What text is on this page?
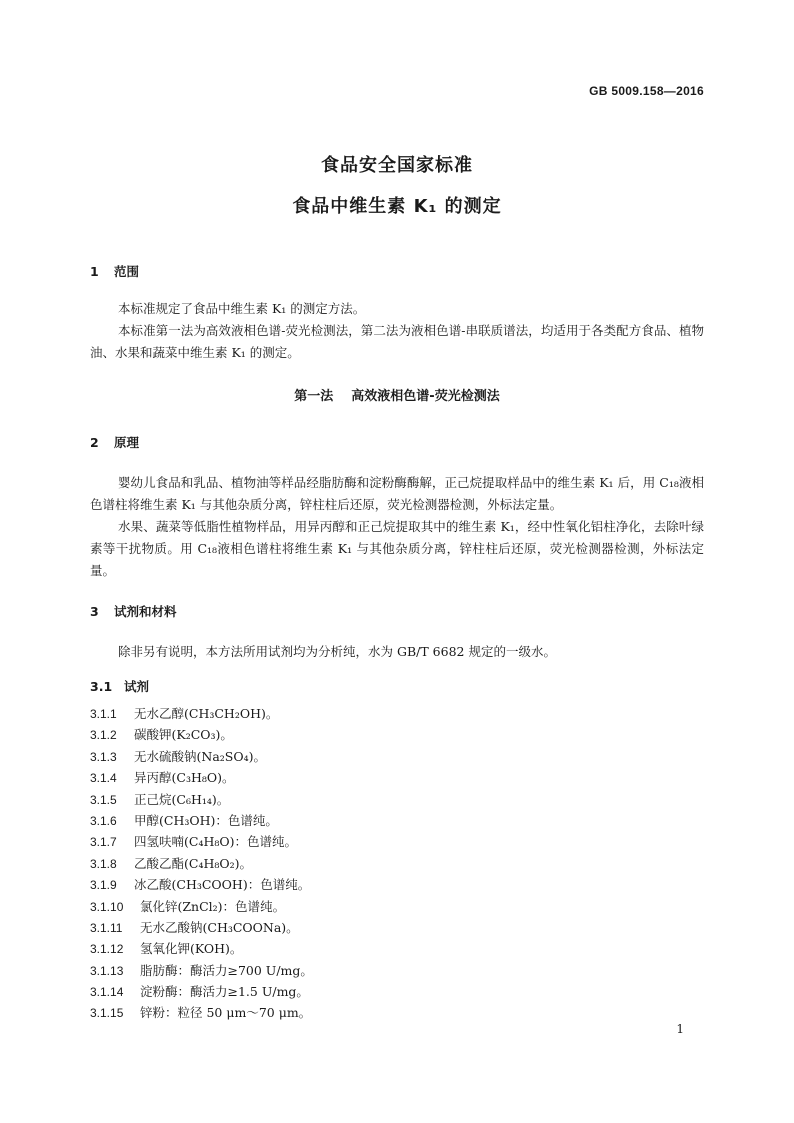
GB 5009.158—2016
食品安全国家标准
食品中维生素 K₁ 的测定
1 范围

本标准规定了食品中维生素 K₁ 的测定方法。

本标准第一法为高效液相色谱-荧光检测法，第二法为液相色谱-串联质谱法，均适用于各类配方食品、植物油、水果和蔬菜中维生素 K₁ 的测定。

第一法 高效液相色谱-荧光检测法
2 原理

婴幼儿食品和乳品、植物油等样品经脂肪酶和淀粉酶酶解，正己烷提取样品中的维生素 K₁ 后，用 C₁₈液相色谱柱将维生素 K₁ 与其他杂质分离，锌柱柱后还原，荧光检测器检测，外标法定量。

水果、蔬菜等低脂性植物样品，用异丙醇和正己烷提取其中的维生素 K₁，经中性氧化铝柱净化，去除叶绿素等干扰物质。用 C₁₈液相色谱柱将维生素 K₁ 与其他杂质分离，锌柱柱后还原，荧光检测器检测，外标法定量。

3 试剂和材料

除非另有说明，本方法所用试剂均为分析纯，水为 GB/T 6682 规定的一级水。

3.1 试剂
3.1.1 无水乙醇(CH₃CH₂OH)。
3.1.2 碳酸钾(K₂CO₃)。
3.1.3 无水硫酸钠(Na₂SO₄)。
3.1.4 异丙醇(C₃H₈O)。
3.1.5 正己烷(C₆H₁₄)。
3.1.6 甲醇(CH₃OH)：色谱纯。
3.1.7 四氢呋喃(C₄H₈O)：色谱纯。
3.1.8 乙酸乙酯(C₄H₈O₂)。
3.1.9 冰乙酸(CH₃COOH)：色谱纯。
3.1.10 氯化锌(ZnCl₂)：色谱纯。
3.1.11 无水乙酸钠(CH₃COONa)。
3.1.12 氢氧化钾(KOH)。
3.1.13 脂肪酶：酶活力≥700 U/mg。
3.1.14 淀粉酶：酶活力≥1.5 U/mg。
3.1.15 锌粉：粒径 50 μm～70 μm。
1
